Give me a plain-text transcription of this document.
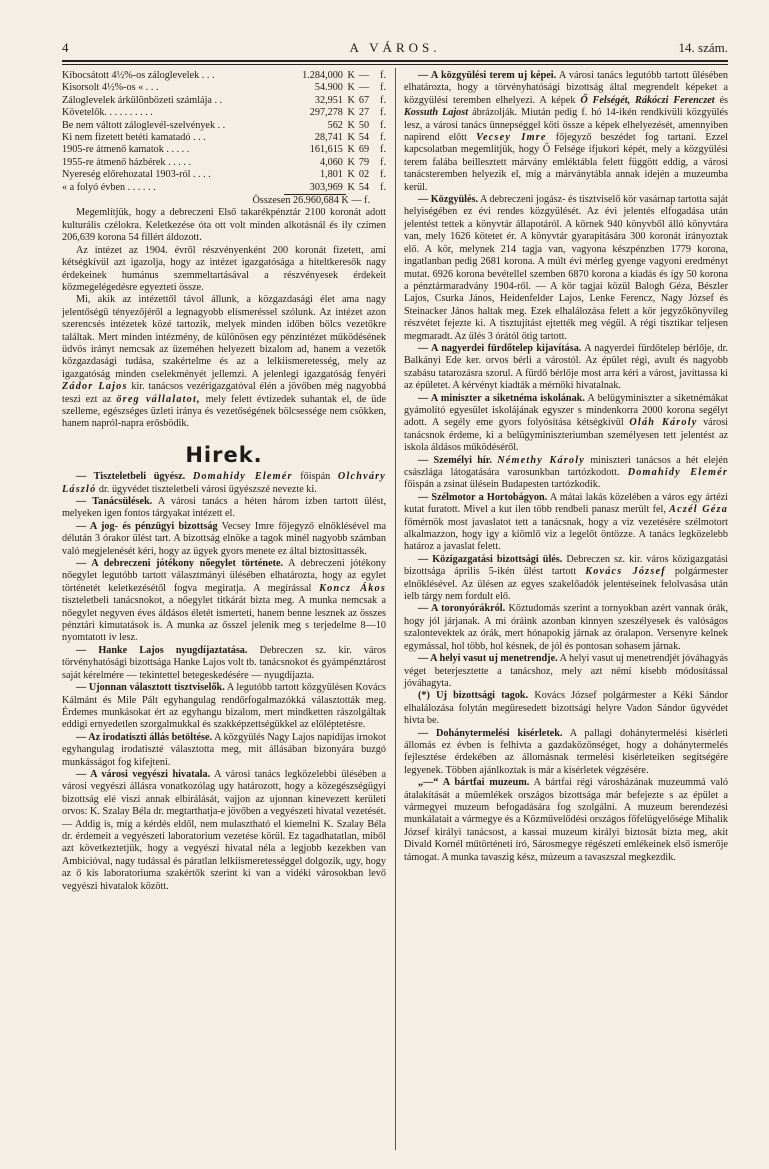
4	A VÁROS.	14. szám.
Kibocsátott 4½%-os záloglevelek . . .	1.284,000	K	—	f.
Kisorsolt 4½%-os « . . .	54.900	K	—	f.
Záloglevelek árkülönbözeti számlája . .	32,951	K	67	f.
Követelők. . . . . . . . . .	297,278	K	27	f.
Be nem váltott záloglevél-szelvények . .	562	K	50	f.
Ki nem fizetett betéti kamatadó . . .	28,741	K	54	f.
1905-re átmenő kamatok . . . . .	161,615	K	69	f.
1955-re átmenő házbérek . . . . .	4,060	K	79	f.
Nyereség előrehozatal 1903-ról . . . .	1,801	K	02	f.
« a folyó évben . . . . . .	303,969	K	54	f.
Összesen 26.960,684 K — f.

Megemlítjük, hogy a debreczeni Első takarékpénztár 2100 koronát adott kulturális czélokra. Keletkezése óta ott volt minden alkotásnál és ily czímen 206,639 korona 54 fillért áldozott.

Az intézet az 1904. évről részvényenként 200 koronát fizetett, ami kétségkívül azt igazolja, hogy az intézet igazgatósága a hiteltkeresők nagy érdekeinek humánus szemmeltartásával a részvényesek érdekeit közmegelégedésre egyezteti össze.

Mi, akik az intézettől távol állunk, a közgazdasági élet ama nagy jelentőségű tényezőjéről a legnagyobb elismeréssel szólunk. Az intézet azon szerencsés intézetek közé tartozik, melyek minden időben bölcs vezetőkre találtak. Mert minden intézmény, de különösen egy pénzintézet működésének üdvös irányt nemcsak az üzeméhen helyezett bizalom ad, hanem a vezetők közgazdasági tudása, szakértelme és az a lelkiismeretesség, mely az igazgatóság minden cselekményét jellemzi. A jelenlegi igazgatóság fenyéri Zádor Lajos kir. tanácsos vezérigazgatóval élén a jövőben még nagyobbá teszi ezt az öreg vállalatot, mely felett évtizedek suhantak el, de üde szelleme, egészséges üzleti iránya és vezetőségének bölcsessége nem csökken, hanem napról-napra erősbödik.

Hirek.

— Tiszteletbeli ügyész. Domahidy Elemér főispán Olchváry László dr. ügyvédet tiszteletbeli városi ügyészszé nevezte ki.

— Tanácsülések. A városi tanács a héten három izben tartott ülést, melyeken igen fontos tárgyakat intézett el.

— A jog- és pénzügyi bizottság Vecsey Imre főjegyző elnöklésével ma délután 3 órakor ülést tart. A bizottság elnöke a tagok minél nagyobb számban való megjelenését kéri, hogy az ügyek gyors menete ez által biztosittassék.

— A debreczeni jótékony nőegylet története. A debreczeni jótékony nőegylet legutóbb tartott választmányi ülésében elhatározta, hogy az egylet történetét keletkezésétől fogva megiratja. A megírással Koncz Ákos tiszteletbeli tanácsnokot, a nőegylet titkárát bizta meg. A munka nemcsak a nőegylet negyven éves áldásos életét ismerteti, hanem benne lesznek az összes pénztári kimutatások is. A munka az ősszel jelenik meg s terjedelme 8—10 nyomtatott iv lesz.

— Hanke Lajos nyugdíjaztatása. Debreczen sz. kir. város törvényhatósági bizottsága Hanke Lajos volt tb. tanácsnokot és gyámpénztárost saját kérelmére — tekintettel betegeskedésére — nyugdíjazta.

— Ujonnan választott tisztviselők. A legutóbb tartott közgyülésen Kovács Kálmánt és Mile Pált egyhangulag rendőrfogalmazókká választották meg. Érdemes munkásokat ért az egyhangu bizalom, mert mindketten rászolgáltak eddigi ernyedetlen szorgalmukkal és szakképzettségükkel az előléptetésre.

— Az irodatiszti állás betöltése. A közgyülés Nagy Lajos napidíjas irnokot egyhangulag irodatiszté választotta meg, mit állásában bizonyára buzgó munkásságot fog kifejteni.

— A városi vegyészi hivatala. A városi tanács legközelebbi ülésében a városi vegyészi állásra vonatkozólag ugy határozott, hogy a közegészségügyi bizottság elé viszi annak elbirálását, vajjon az ujonnan kinevezett kerületi orvos: K. Szalay Béla dr. megtarthatja-e jövőben a vegyészeti hivatal vezetését. — Addig is, míg a kérdés eldől, nem mulasztható el kiemelni K. Szalay Béla dr. érdemeit a vegyészeti laboratorium vezetése körül. Ez tagadhatatlan, miből azt következtetjük, hogy a vegyészi hivatal néla a legjobb kezekben van Ambicióval, nagy tudással és páratlan lelkiismeretességgel dolgozik, ugy, hogy az ő kis laboratoriuma szakértők szerint ki van a vidéki városokban levő vegyészi hivatalok között.

— A közgyülési terem uj képei. A városi tanács legutóbb tartott ülésében elhatározta, hogy a törvényhatósági bizottság által megrendelt képeket a közgyülési teremben elhelyezi. A képek Ő Felségét, Rákóczi Ferenczet és Kossuth Lajost ábrázolják. Miután pedig f. hó 14-ikén rendkívüli közgyülés lesz, a városi tanács ünnepséggel köti össze a képek elhelyezését, amennyiben napirend előtt Vecsey Imre főjegyző beszédet fog tartani. Ezzel kapcsolatban megemlítjük, hogy Ő Felsége ifjukori képét, mely a közgyülési terem falába beillesztett márvány emléktábla felett függött eddig, a városi tanácsteremben helyezik el, míg a márványtábla annak idején a muzeumba kerül.

— Közgyülés. A debreczeni jogász- és tisztviselő kör vasárnap tartotta saját helyiségében ez évi rendes közgyülését. Az évi jelentés elfogadása után jelentést tettek a könyvtár állapotáról. A körnek 940 könyvből álló könyvtára van, mely 1626 kötetet ér. A könyvtár gyarapitására 300 koronát irányoztak elő. A kör, melynek 214 tagja van, vagyona készpénzben 1779 korona, ingatlanban pedig 2681 korona. A múlt évi mérleg gyenge vagyoni eredményt mutat. 6926 korona bevétellel szemben 6870 korona a kiadás és így 50 korona a pénztármaradvány 1904-ről. — A kör tagjai közül Balogh Géza, Bészler Lajos, Csurka János, Heidenfelder Lajos, Lenke Ferencz, Nagy József és Steinacker János haltak meg. Ezek elhalálozása felett a kör jegyzőkönyvileg részvétet fejezte ki. A tisztujítást ejtették meg végül. A régi tisztikar teljesen megmaradt. Az ülés 3 órától ötig tartott.

— A nagyerdei fürdőtelep kijavítása. A nagyerdei fürdőtelep bérlője, dr. Balkányi Ede ker. orvos bérli a várostól. Az épület régi, avult és nagyobb szabásu tatarozásra szorul. A fürdő bérlője most arra kéri a várost, javíttassa ki az épületet. A kérvényt kiadták a mérnöki hivatalnak.

— A miniszter a siketnéma iskolának. A belügyminiszter a siketnémákat gyámolító egyesület iskolájának egyszer s mindenkorra 2000 korona segélyt adott. A segély eme gyors folyósítása kétségkívül Oláh Károly városi tanácsnok érdeme, ki a belügyminiszteriumban személyesen tett jelentést az iskola áldásos működéséről.

— Személyi hír. Némethy Károly miniszteri tanácsos a hét elején császlága látogatására varosunkban tartózkodott. Domahidy Elemér főispán a zsinat ülésein Budapesten tartózkodik.

— Szélmotor a Hortobágyon. A mátai lakás közelében a város egy ártézi kutat furatott. Mivel a kut ilen több rendbeli panasz merült fel, Aczél Géza főmérnök most javaslatot tett a tanácsnak, hogy a viz vezetésére szélmotort alkalmazzon, hogy igy a kiömlő viz a legelőt öntözze. A tanács legközelebb határoz a javaslat felett.

— Közigazgatási bizottsági ülés. Debreczen sz. kir. város közigazgatási bizottsága április 5-ikén ülést tartott Kovács József polgármester elnöklésével. Az ülésen az egyes szakelőadók jelentéseinek felolvasása után ielb tárgy nem fordult elő.

— A toronyórákról. Köztudomás szerint a tornyokban azért vannak órák, hogy jól járjanak. A mi óráink azonban kinnyen szeszélyesek és valóságos szalontevektek az órák, mert hónapokig járnak az óralapon. Versenyre kelnek egymással, hol több, hol késnek, de jól és pontosan sohasem járnak.

— A helyi vasut uj menetrendje. A helyi vasut uj menetrendjét jóváhagyás véget beterjesztette a tanácshoz, mely azt némi kisebb módosítással jóváhagyta.

(*) Uj bizottsági tagok. Kovács József polgármester a Kéki Sándor elhalálozása folytán megüresedett bizottsági helyre Vadon Sándor ügyvédet hivta be.

— Dohánytermelési kisérletek. A pallagi dohánytermelési kisérleti állomás ez évben is felhivta a gazdaközönséget, hogy a dohánytermelés fejlesztése érdekében az állomásnak termelési kisérleteiken segítségére legyenek. Többen ajánlkoztak is már a kisérletek végzésére.

„—“ A bártfai muzeum. A bártfai régi városházának muzeummá való átalakítását a műemlékek országos bizottsága már befejezte s az épület a vármegyei muzeum befogadására fog szolgálni. A muzeum berendezési munkálatait a vármegye és a Közművelődési országos főfelügyelősége Mihalik József királyi tanácsost, a kassai muzeum királyi biztosát bízta meg, akit Divald Kornél műtörténeti író, Sárosmegye régészeti emlékeinek első ismerője támogat. A munka tavaszig kész, múzeum a tavaszszal megkezdik.
